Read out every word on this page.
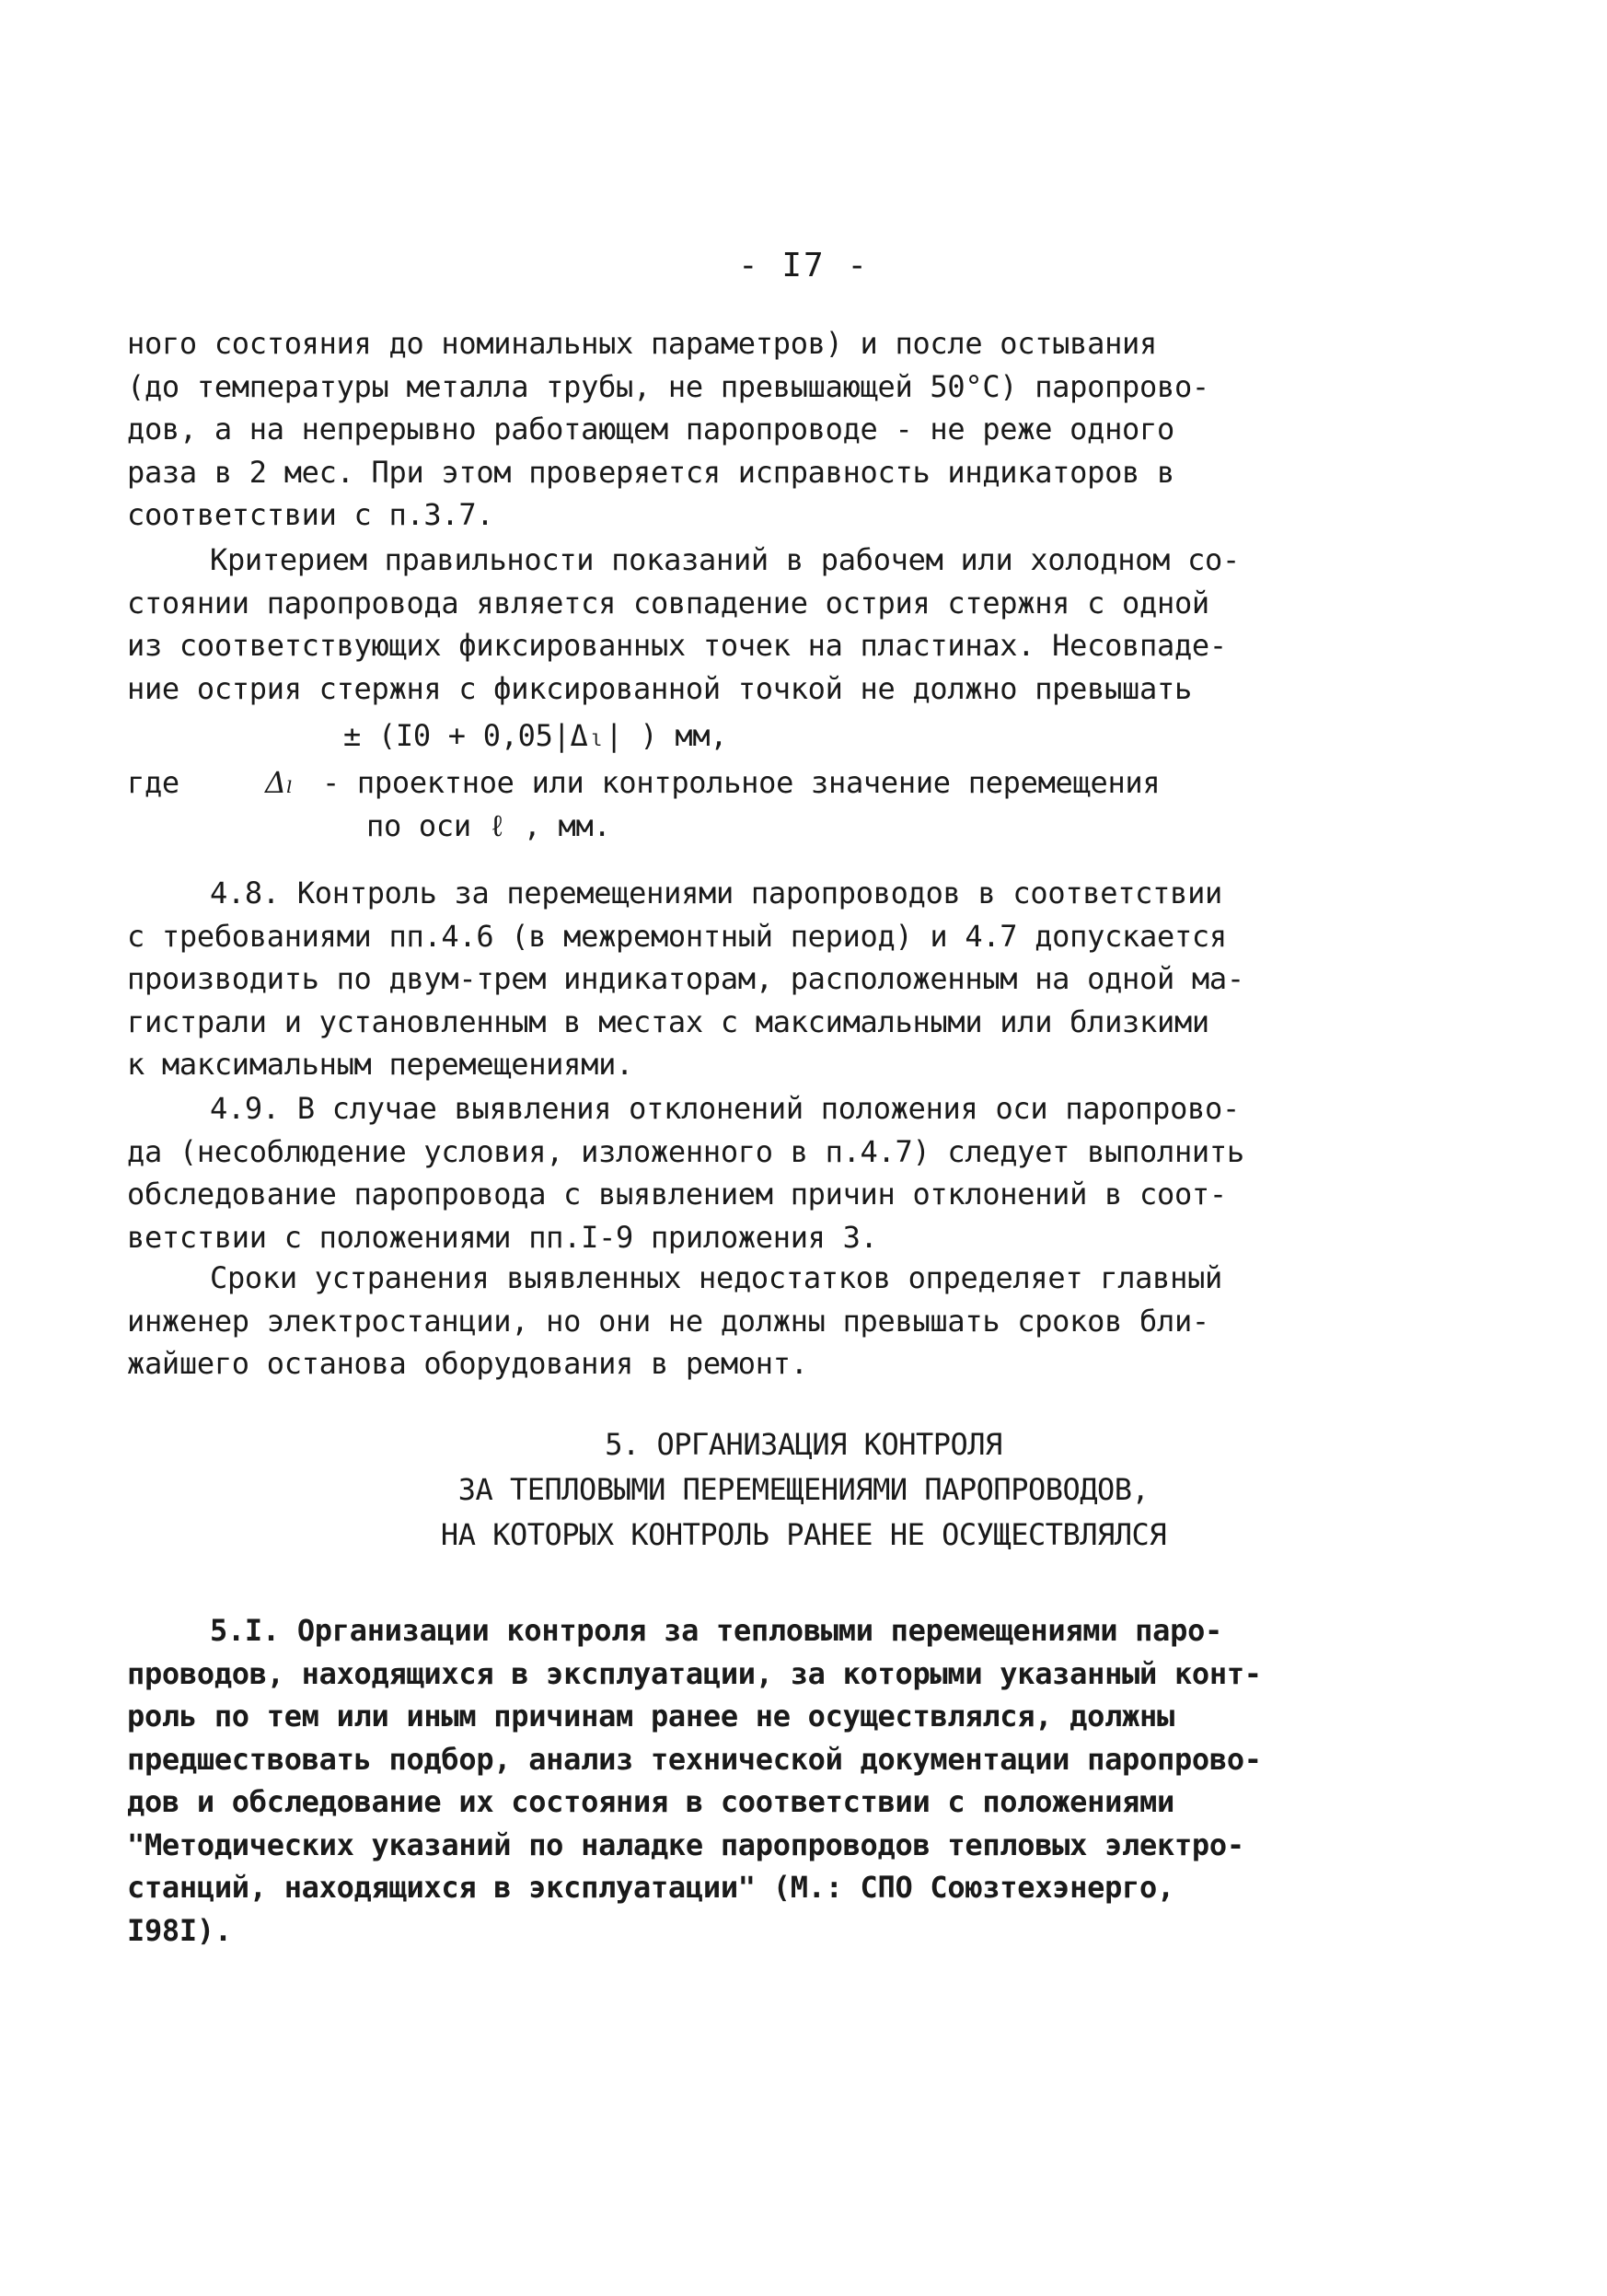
- I7 -
ного состояния до номинальных параметров) и после остывания
(до температуры металла трубы, не превышающей 50°С) паропрово-
дов, а на непрерывно работающем паропроводе - не реже одного
раза в 2 мес. При этом проверяется исправность индикаторов в
соответствии с п.3.7.
Критерием правильности показаний в рабочем или холодном со-
стоянии паропровода является совпадение острия стержня с одной
из соответствующих фиксированных точек на пластинах. Несовпаде-
ние острия стержня с фиксированной точкой не должно превышать
± (I0 + 0,05|Δₗ| ) мм,
где	Δₗ - проектное или контрольное значение перемещения
по оси ℓ , мм.
4.8. Контроль за перемещениями паропроводов в соответствии
с требованиями пп.4.6 (в межремонтный период) и 4.7 допускается
производить по двум-трем индикаторам, расположенным на одной ма-
гистрали и установленным в местах с максимальными или близкими
к максимальным перемещениями.
4.9. В случае выявления отклонений положения оси паропрово-
да (несоблюдение условия, изложенного в п.4.7) следует выполнить
обследование паропровода с выявлением причин отклонений в соот-
ветствии с положениями пп.I-9 приложения 3.
Сроки устранения выявленных недостатков определяет главный
инженер электростанции, но они не должны превышать сроков бли-
жайшего останова оборудования в ремонт.
5. ОРГАНИЗАЦИЯ КОНТРОЛЯ
ЗА ТЕПЛОВЫМИ ПЕРЕМЕЩЕНИЯМИ ПАРОПРОВОДОВ,
НА КОТОРЫХ КОНТРОЛЬ РАНЕЕ НЕ ОСУЩЕСТВЛЯЛСЯ
5.I. Организации контроля за тепловыми перемещениями паро-
проводов, находящихся в эксплуатации, за которыми указанный конт-
роль по тем или иным причинам ранее не осуществлялся, должны
предшествовать подбор, анализ технической документации паропрово-
дов и обследование их состояния в соответствии с положениями
"Методических указаний по наладке паропроводов тепловых электро-
станций, находящихся в эксплуатации" (М.: СПО Союзтехэнерго,
I98I).
